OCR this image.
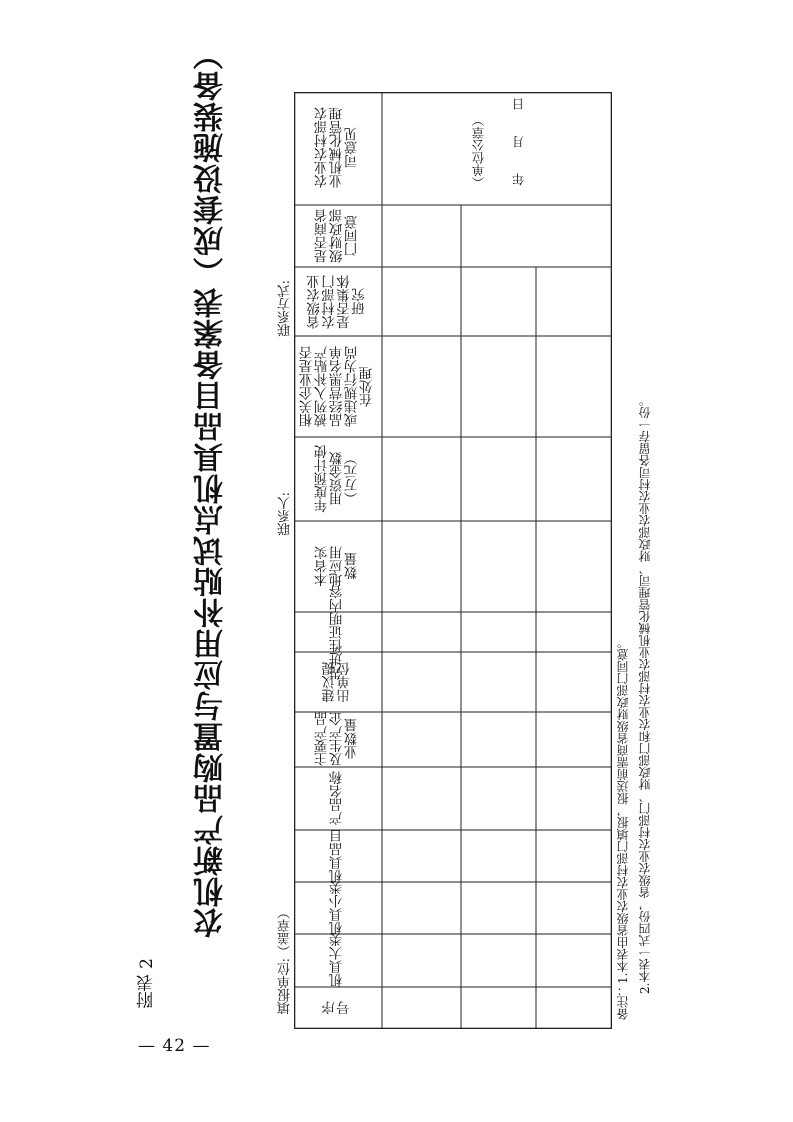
— 42 —
附表 2
农机新产品购置与应用补贴试点机具品目备案表（成套设施装备）
填报单位:（盖章）
联系人:
联系方式:
序号
机具大类
机具小类
机具品目
产品名称
主要产品及生产企业数量
建议提出单位
先进性证明内容
本省实地应用数量
年度预计使用资金数（万元）
相关企业是否被列入补贴产品经营黑名单或违规行为尚在处理
省级农业农村部门是否集体研究
是否商省级财政部门同意
农业农村部农业机械化管理司意见	（单位公章） 年　　月　　日
备注：1.本表由省级农业农村部门填报，报送前需商省级财政部门同意。 2.本表一式四份，省级农业农村部门、财政部门和农业农村部农业机械化管理司、财政部农业农村司各留存一份。
